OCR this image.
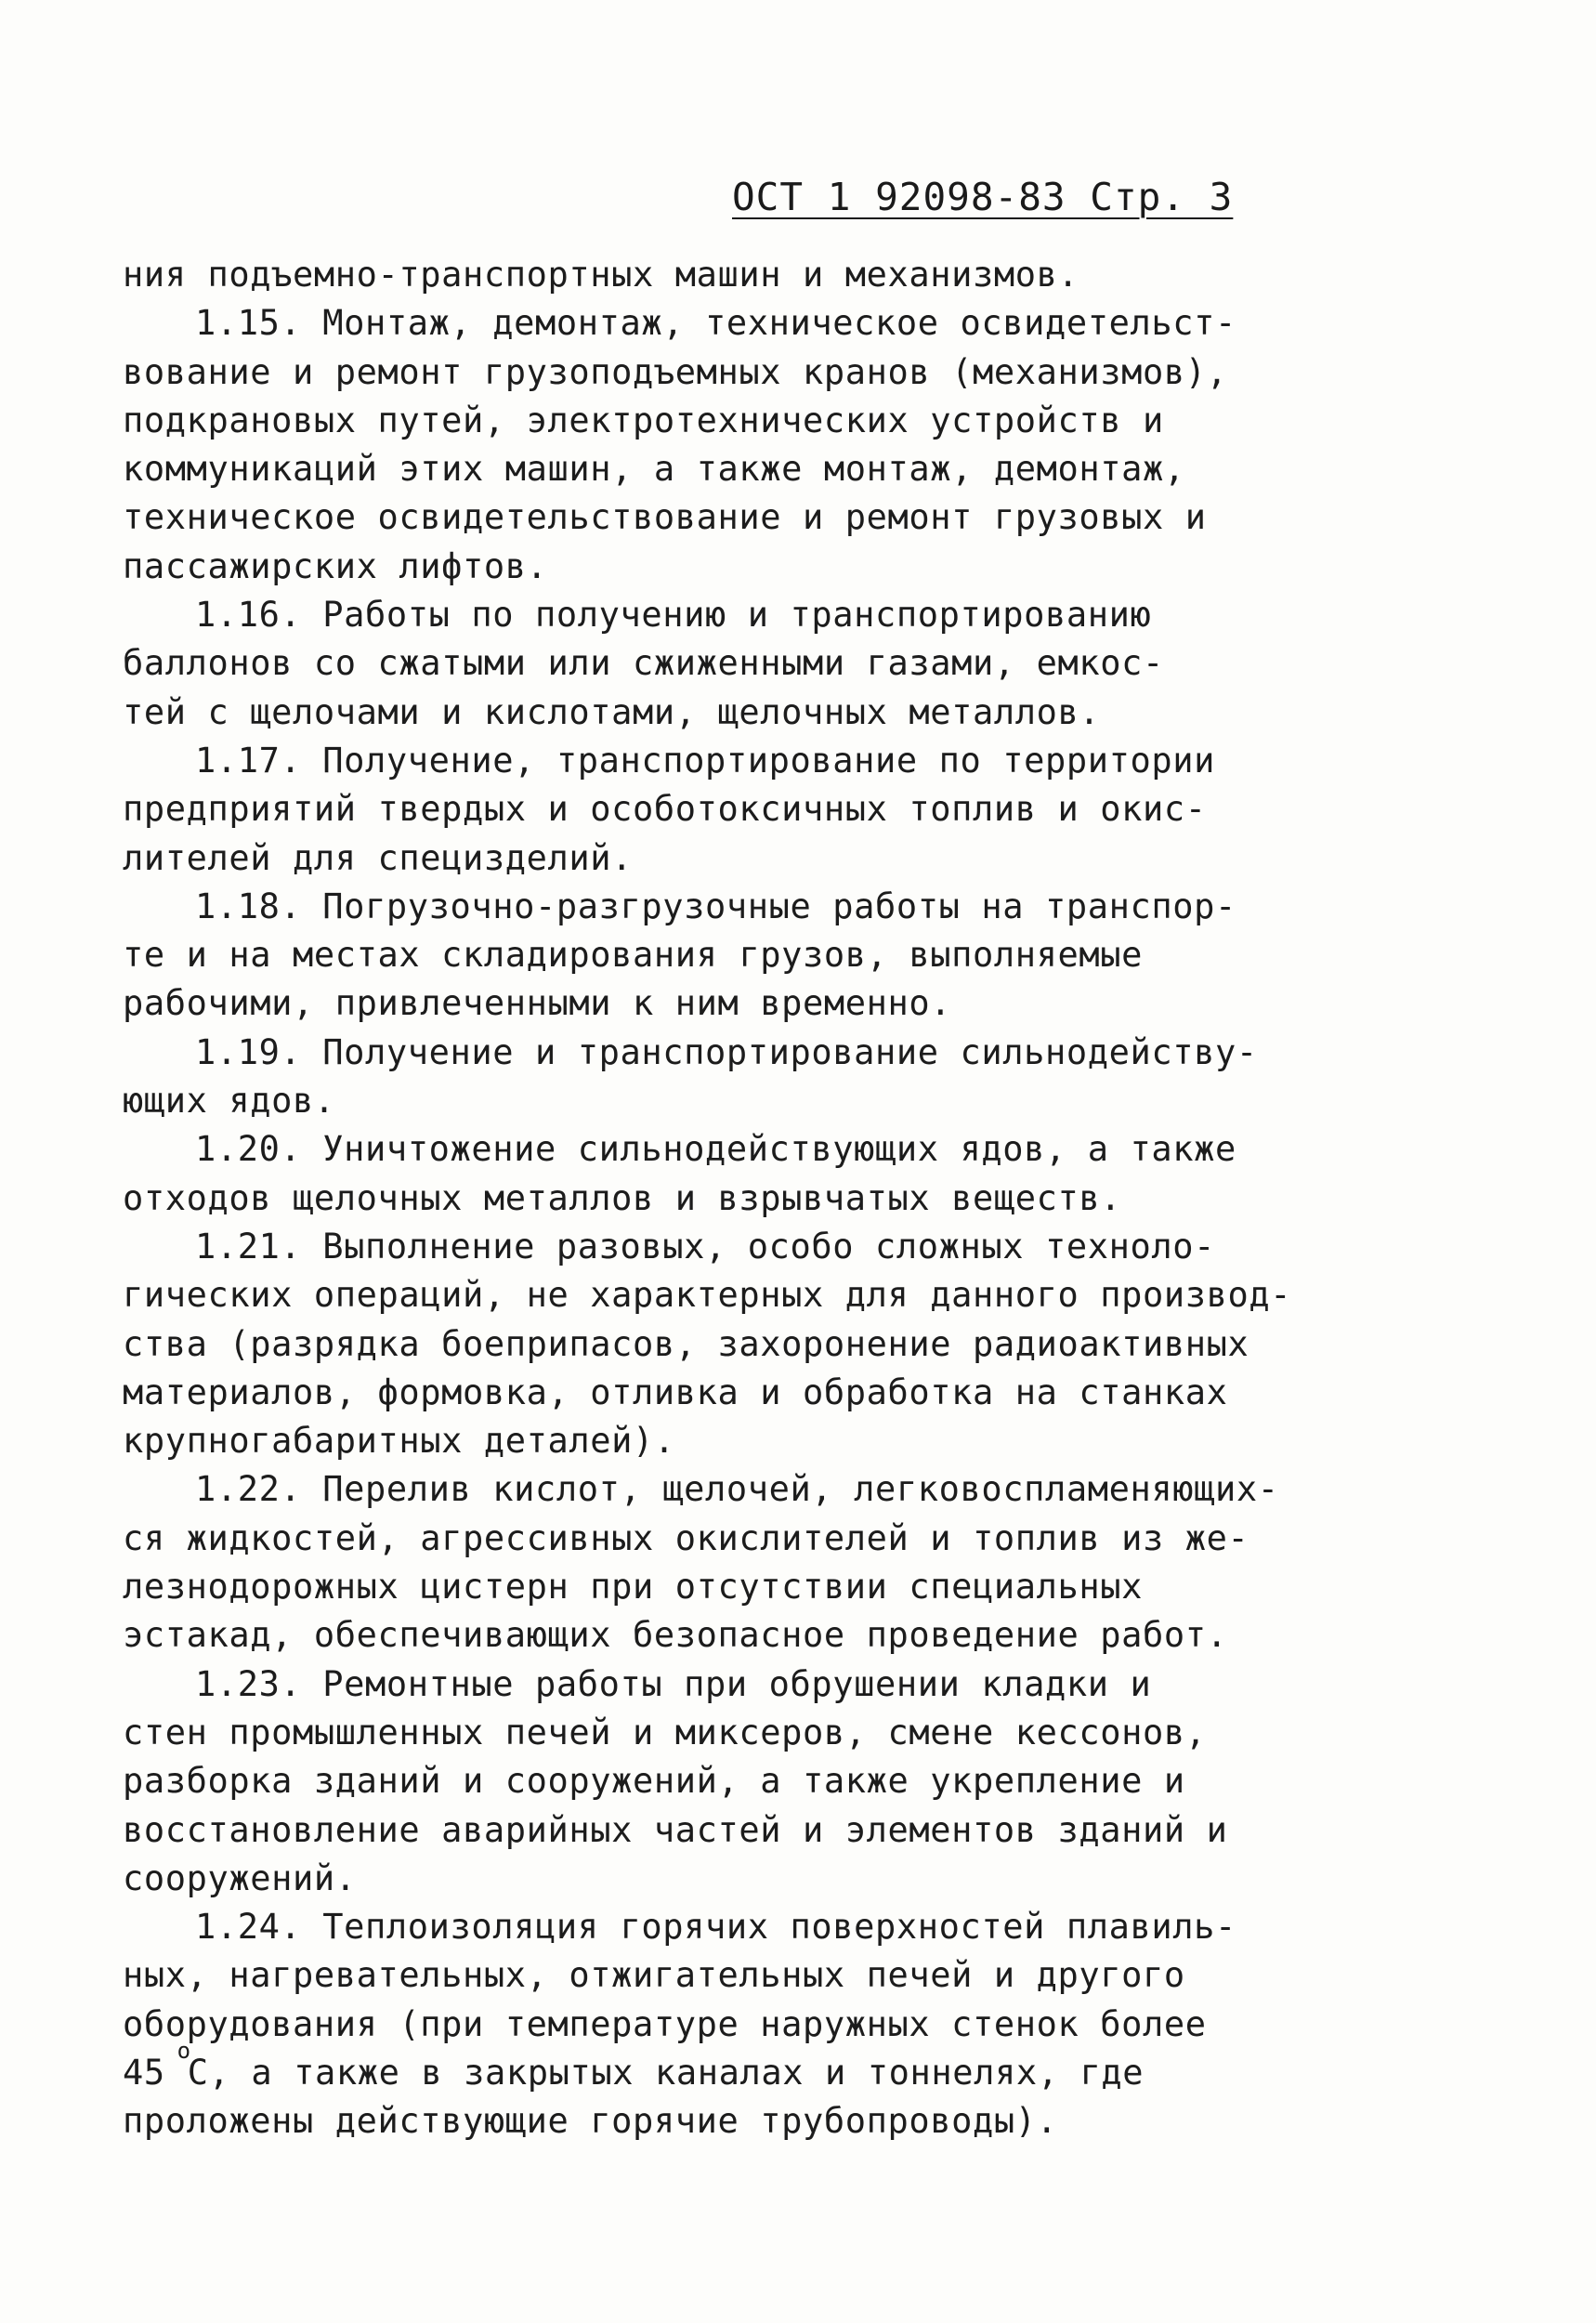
ОСТ 1 92098-83 Стр. 3
ния подъемно-транспортных машин и механизмов.
1.15. Монтаж, демонтаж, техническое освидетельст-
вование и ремонт грузоподъемных кранов (механизмов),
подкрановых путей, электротехнических устройств и
коммуникаций этих машин, а также монтаж, демонтаж,
техническое освидетельствование и ремонт грузовых и
пассажирских лифтов.
1.16. Работы по получению и транспортированию
баллонов со сжатыми или сжиженными газами, емкос-
тей с щелочами и кислотами, щелочных металлов.
1.17. Получение, транспортирование по территории
предприятий твердых и особотоксичных топлив и окис-
лителей для специзделий.
1.18. Погрузочно-разгрузочные работы на транспор-
те и на местах складирования грузов, выполняемые
рабочими, привлеченными к ним временно.
1.19. Получение и транспортирование сильнодейству-
ющих ядов.
1.20. Уничтожение сильнодействующих ядов, а также
отходов щелочных металлов и взрывчатых веществ.
1.21. Выполнение разовых, особо сложных техноло-
гических операций, не характерных для данного производ-
ства (разрядка боеприпасов, захоронение радиоактивных
материалов, формовка, отливка и обработка на станках
крупногабаритных деталей).
1.22. Перелив кислот, щелочей, легковоспламеняющих-
ся жидкостей, агрессивных окислителей и топлив из же-
лезнодорожных цистерн при отсутствии специальных
эстакад, обеспечивающих безопасное проведение работ.
1.23. Ремонтные работы при обрушении кладки и
стен промышленных печей и миксеров, смене кессонов,
разборка зданий и сооружений, а также укрепление и
восстановление аварийных частей и элементов зданий и
сооружений.
1.24. Теплоизоляция горячих поверхностей плавиль-
ных, нагревательных, отжигательных печей и другого
оборудования (при температуре наружных стенок более
45 $^о$С, а также в закрытых каналах и тоннелях, где
проложены действующие горячие трубопроводы).
